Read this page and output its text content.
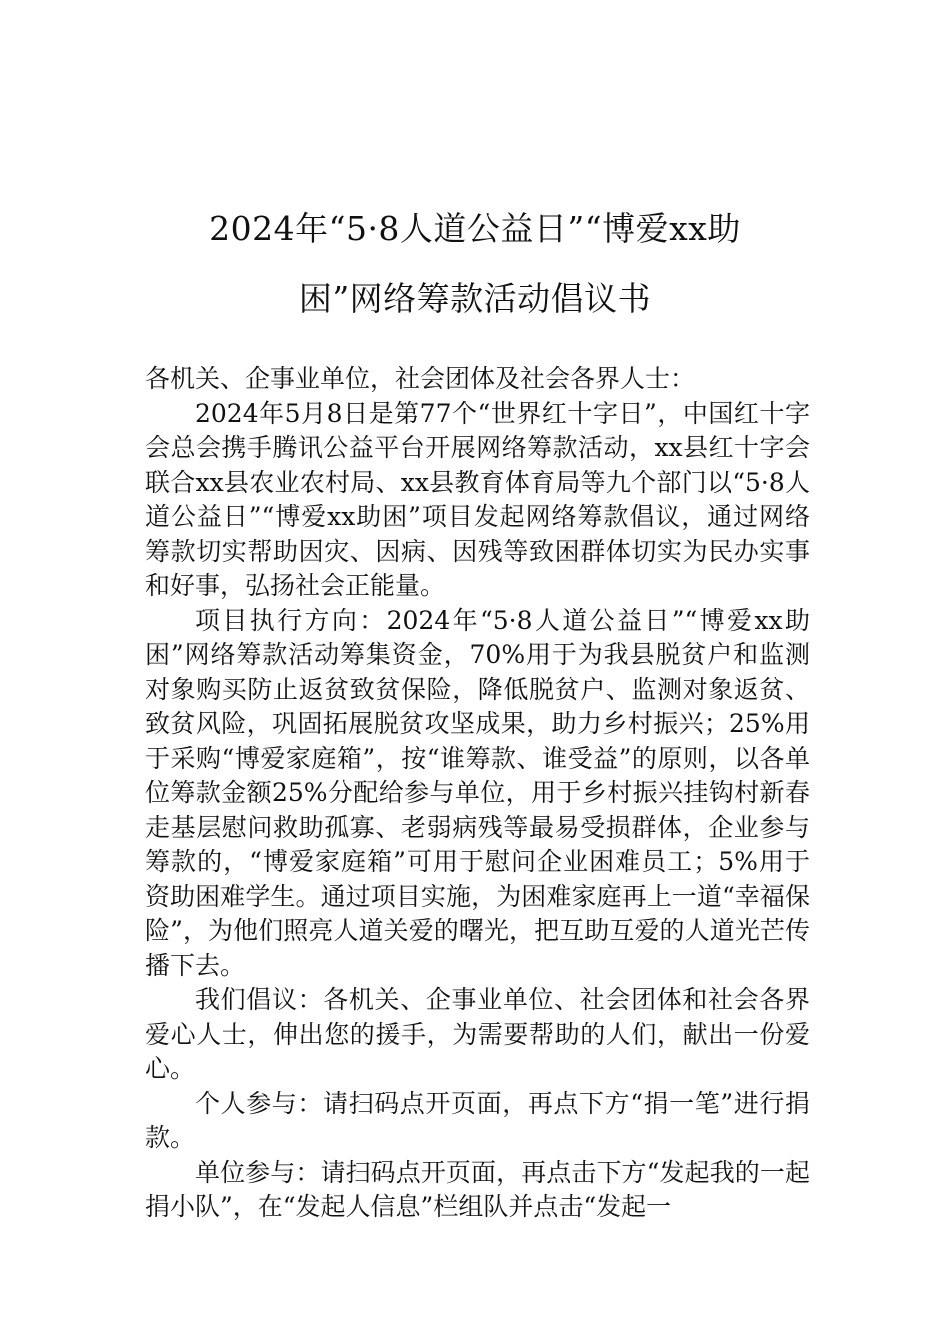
2024年“5·8人道公益日”“博爱xx助
困”网络筹款活动倡议书

各机关、企事业单位，社会团体及社会各界人士：

2024年5月8日是第77个“世界红十字日”，中国红十字会总会携手腾讯公益平台开展网络筹款活动，xx县红十字会联合xx县农业农村局、xx县教育体育局等九个部门以“5·8人道公益日”“博爱xx助困”项目发起网络筹款倡议，通过网络筹款切实帮助因灾、因病、因残等致困群体切实为民办实事和好事，弘扬社会正能量。

项目执行方向：2024年“5·8人道公益日”“博爱xx助困”网络筹款活动筹集资金，70%用于为我县脱贫户和监测对象购买防止返贫致贫保险，降低脱贫户、监测对象返贫、致贫风险，巩固拓展脱贫攻坚成果，助力乡村振兴；25%用于采购“博爱家庭箱”，按“谁筹款、谁受益”的原则，以各单位筹款金额25%分配给参与单位，用于乡村振兴挂钩村新春走基层慰问救助孤寡、老弱病残等最易受损群体，企业参与筹款的，“博爱家庭箱”可用于慰问企业困难员工；5%用于资助困难学生。通过项目实施，为困难家庭再上一道“幸福保险”，为他们照亮人道关爱的曙光，把互助互爱的人道光芒传播下去。

我们倡议：各机关、企事业单位、社会团体和社会各界爱心人士，伸出您的援手，为需要帮助的人们，献出一份爱心。

个人参与：请扫码点开页面，再点下方“捐一笔”进行捐款。

单位参与：请扫码点开页面，再点击下方“发起我的一起捐小队”，在“发起人信息”栏组队并点击“发起一
